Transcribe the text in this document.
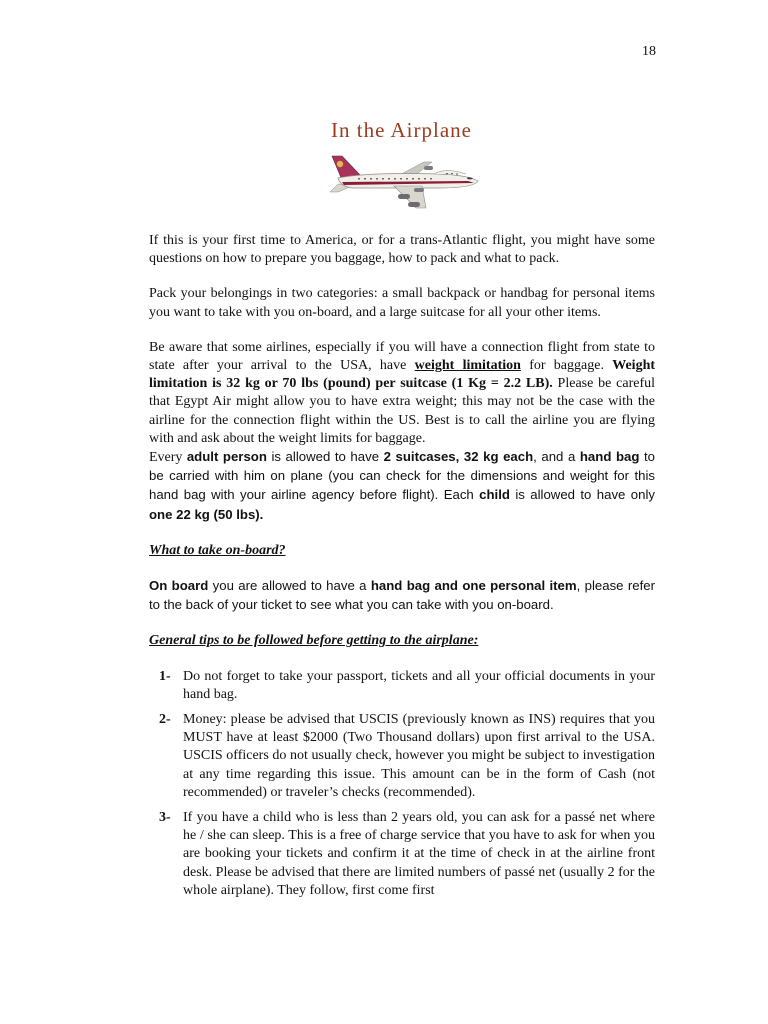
18
In the Airplane

If this is your first time to America, or for a trans-Atlantic flight, you might have some questions on how to prepare you baggage, how to pack and what to pack.

Pack your belongings in two categories: a small backpack or handbag for personal items you want to take with you on-board, and a large suitcase for all your other items.

Be aware that some airlines, especially if you will have a connection flight from state to state after your arrival to the USA, have weight limitation for baggage. Weight limitation is 32 kg or 70 lbs (pound) per suitcase (1 Kg = 2.2 LB). Please be careful that Egypt Air might allow you to have extra weight; this may not be the case with the airline for the connection flight within the US. Best is to call the airline you are flying with and ask about the weight limits for baggage.

Every adult person is allowed to have 2 suitcases, 32 kg each, and a hand bag to be carried with him on plane (you can check for the dimensions and weight for this hand bag with your airline agency before flight). Each child is allowed to have only one 22 kg (50 lbs).

What to take on-board?

On board you are allowed to have a hand bag and one personal item, please refer to the back of your ticket to see what you can take with you on-board.

General tips to be followed before getting to the airplane:

1- Do not forget to take your passport, tickets and all your official documents in your hand bag.
2- Money: please be advised that USCIS (previously known as INS) requires that you MUST have at least $2000 (Two Thousand dollars) upon first arrival to the USA. USCIS officers do not usually check, however you might be subject to investigation at any time regarding this issue. This amount can be in the form of Cash (not recommended) or traveler’s checks (recommended).
3- If you have a child who is less than 2 years old, you can ask for a passé net where he / she can sleep. This is a free of charge service that you have to ask for when you are booking your tickets and confirm it at the time of check in at the airline front desk. Please be advised that there are limited numbers of passé net (usually 2 for the whole airplane). They follow, first come first
